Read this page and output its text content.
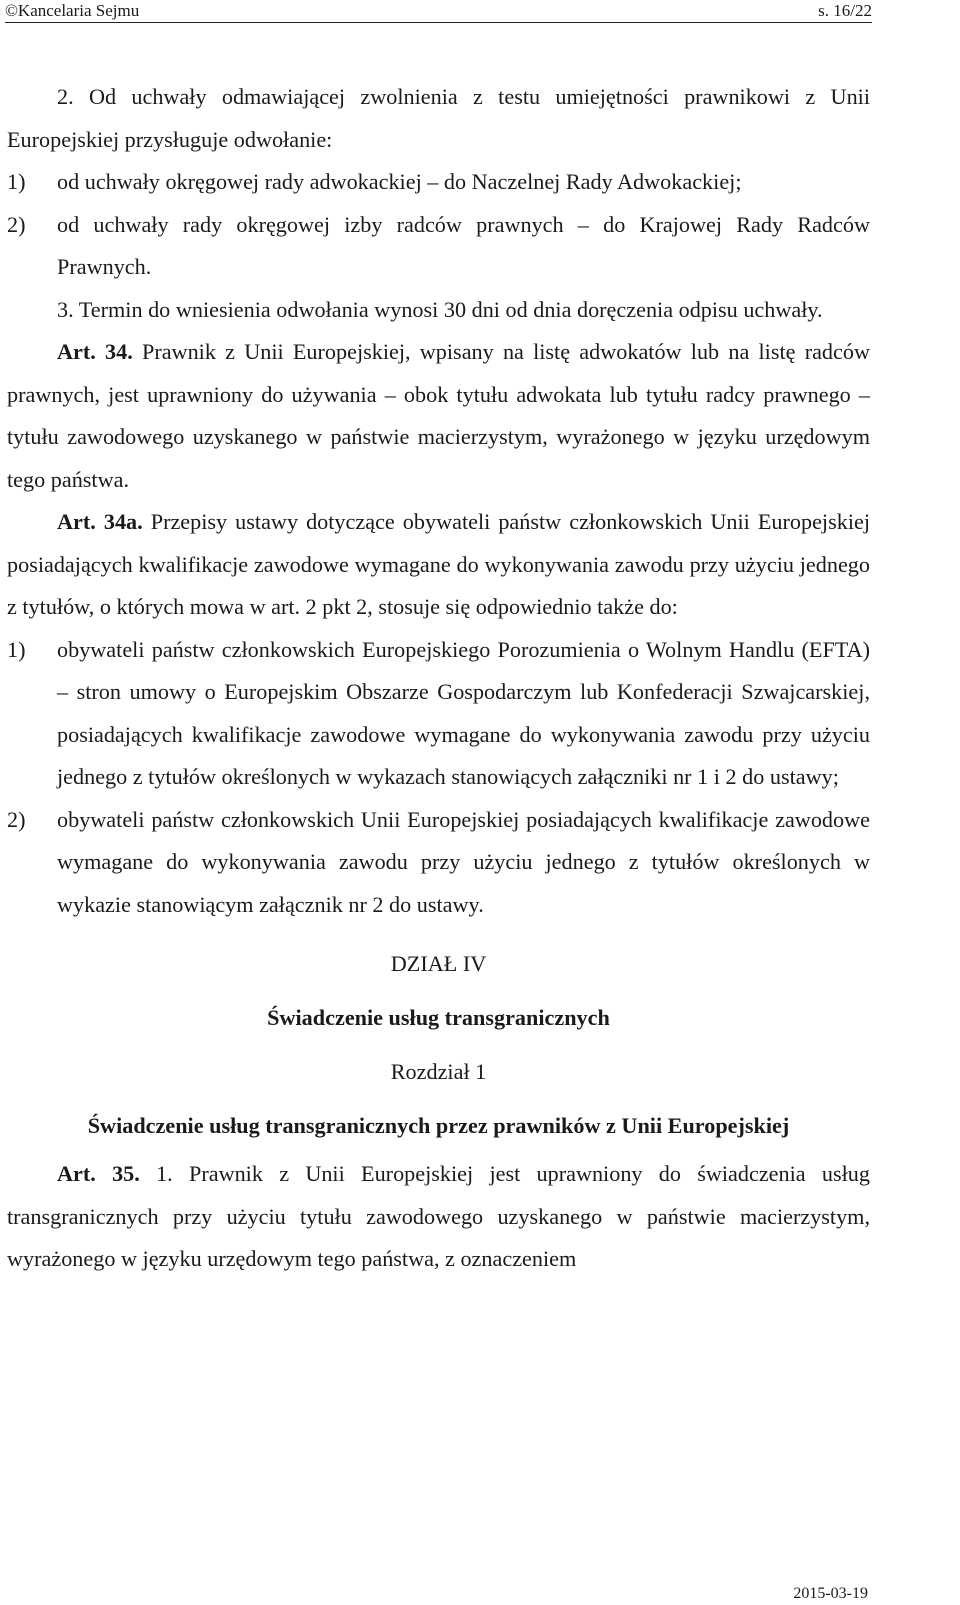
©Kancelaria Sejmu	s. 16/22
2. Od uchwały odmawiającej zwolnienia z testu umiejętności prawnikowi z Unii Europejskiej przysługuje odwołanie:
1) od uchwały okręgowej rady adwokackiej – do Naczelnej Rady Adwokackiej;
2) od uchwały rady okręgowej izby radców prawnych – do Krajowej Rady Radców Prawnych.
3. Termin do wniesienia odwołania wynosi 30 dni od dnia doręczenia odpisu uchwały.
Art. 34. Prawnik z Unii Europejskiej, wpisany na listę adwokatów lub na listę radców prawnych, jest uprawniony do używania – obok tytułu adwokata lub tytułu radcy prawnego – tytułu zawodowego uzyskanego w państwie macierzystym, wyrażonego w języku urzędowym tego państwa.
Art. 34a. Przepisy ustawy dotyczące obywateli państw członkowskich Unii Europejskiej posiadających kwalifikacje zawodowe wymagane do wykonywania zawodu przy użyciu jednego z tytułów, o których mowa w art. 2 pkt 2, stosuje się odpowiednio także do:
1) obywateli państw członkowskich Europejskiego Porozumienia o Wolnym Handlu (EFTA) – stron umowy o Europejskim Obszarze Gospodarczym lub Konfederacji Szwajcarskiej, posiadających kwalifikacje zawodowe wymagane do wykonywania zawodu przy użyciu jednego z tytułów określonych w wykazach stanowiących załączniki nr 1 i 2 do ustawy;
2) obywateli państw członkowskich Unii Europejskiej posiadających kwalifikacje zawodowe wymagane do wykonywania zawodu przy użyciu jednego z tytułów określonych w wykazie stanowiącym załącznik nr 2 do ustawy.
DZIAŁ IV
Świadczenie usług transgranicznych
Rozdział 1
Świadczenie usług transgranicznych przez prawników z Unii Europejskiej
Art. 35. 1. Prawnik z Unii Europejskiej jest uprawniony do świadczenia usług transgranicznych przy użyciu tytułu zawodowego uzyskanego w państwie macierzystym, wyrażonego w języku urzędowym tego państwa, z oznaczeniem
2015-03-19
